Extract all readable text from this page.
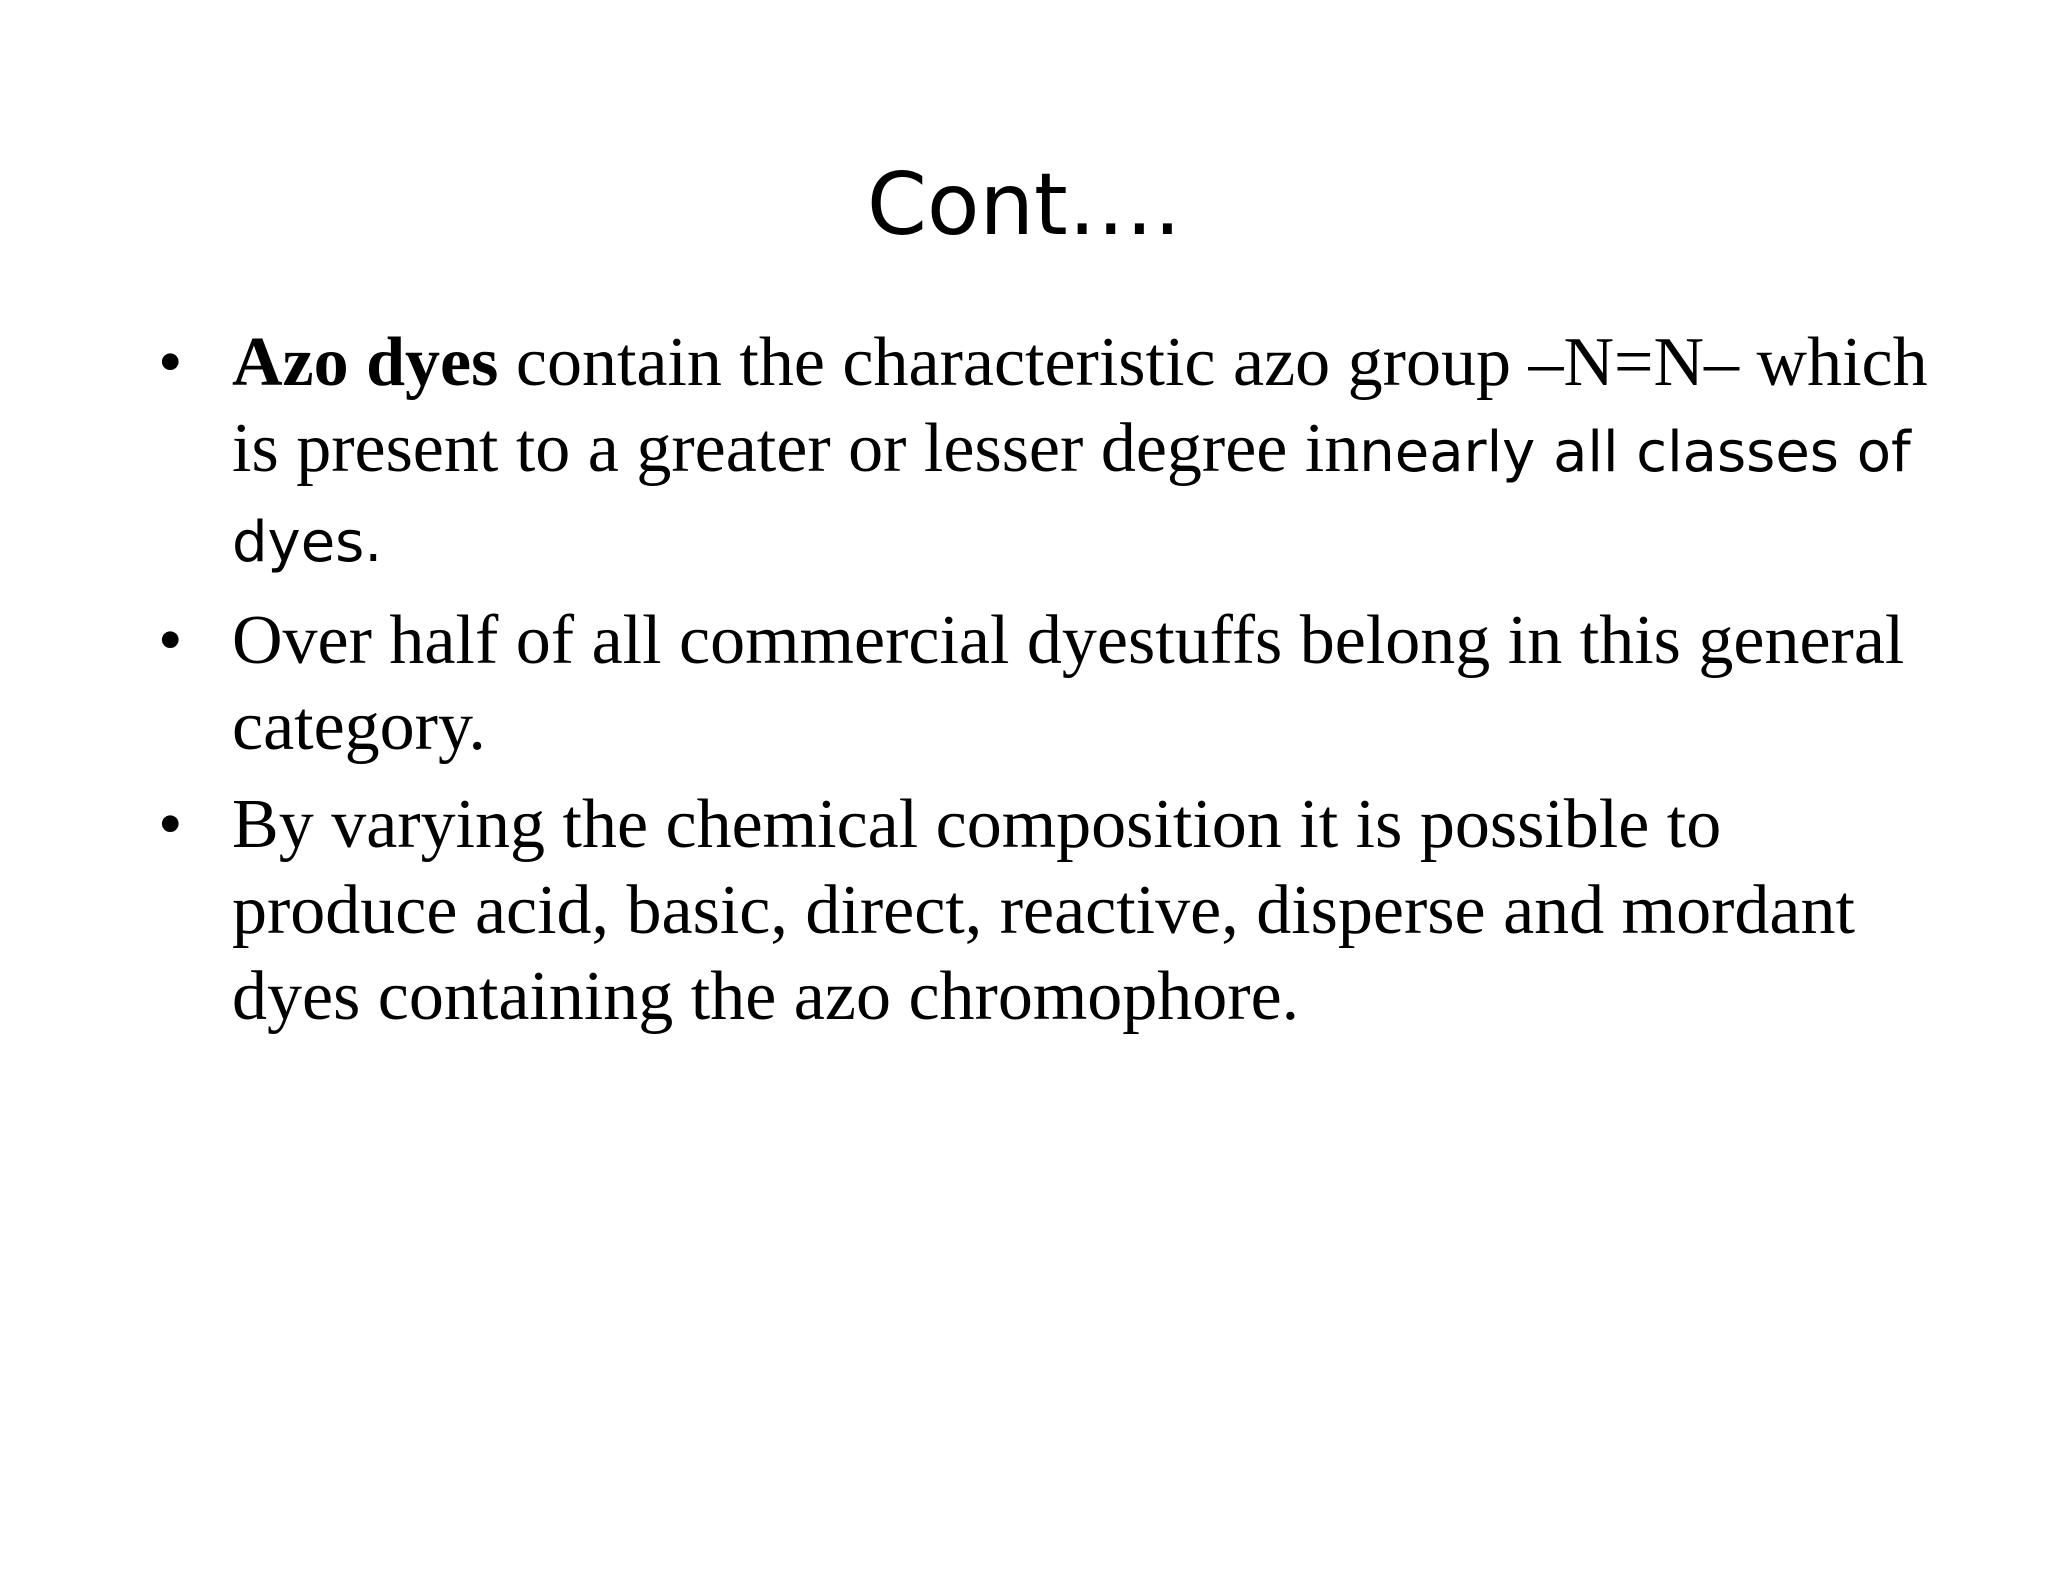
Cont….
• Azo dyes contain the characteristic azo group –N=N– which is present to a greater or lesser degree innearly all classes of dyes.
• Over half of all commercial dyestuffs belong in this general category.
• By varying the chemical composition it is possible to produce acid, basic, direct, reactive, disperse and mordant dyes containing the azo chromophore.
